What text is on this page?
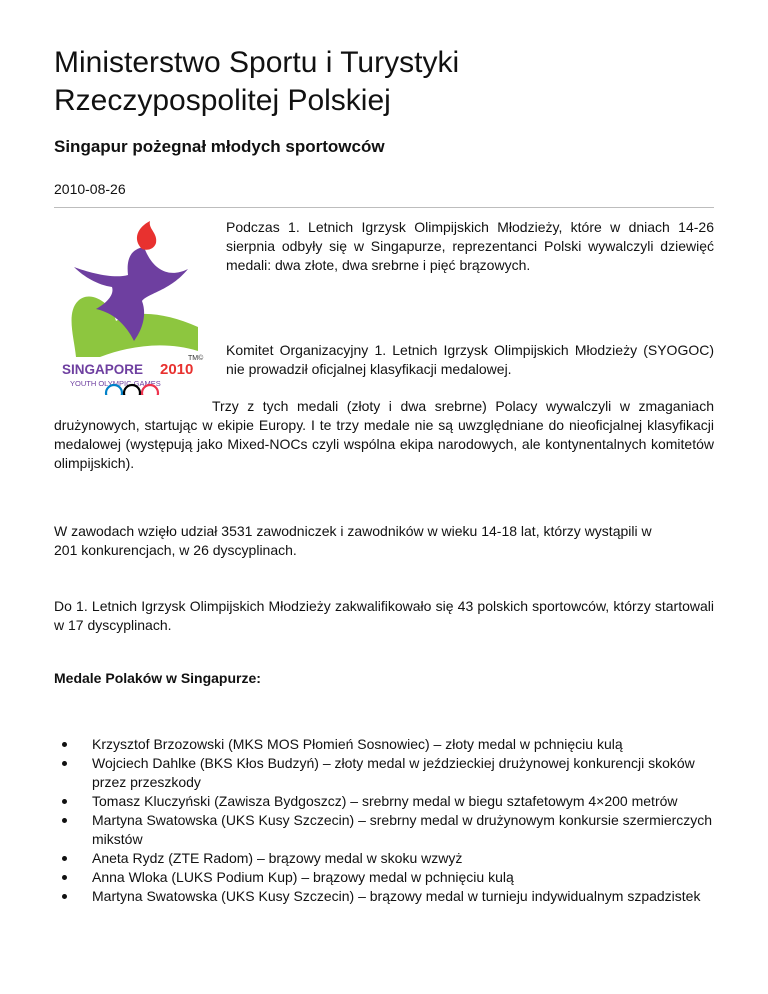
Ministerstwo Sportu i Turystyki
Rzeczypospolitej Polskiej
Singapur pożegnał młodych sportowców
2010-08-26
TM©
SINGAPORE 2010
YOUTH OLYMPIC GAMES

Podczas 1. Letnich Igrzysk Olimpijskich Młodzieży, które w dniach 14-26 sierpnia odbyły się w Singapurze, reprezentanci Polski wywalczyli dziewięć medali: dwa złote, dwa srebrne i pięć brązowych.

Komitet Organizacyjny 1. Letnich Igrzysk Olimpijskich Młodzieży (SYOGOC) nie prowadził oficjalnej klasyfikacji medalowej.

Trzy z tych medali (złoty i dwa srebrne) Polacy wywalczyli w zmaganiach drużynowych, startując w ekipie Europy. I te trzy medale nie są uwzględniane do nieoficjalnej klasyfikacji medalowej (występują jako Mixed-NOCs czyli wspólna ekipa narodowych, ale kontynentalnych komitetów olimpijskich).

W zawodach wzięło udział 3531 zawodniczek i zawodników w wieku 14-18 lat, którzy wystąpili w 201 konkurencjach, w 26 dyscyplinach.

Do 1. Letnich Igrzysk Olimpijskich Młodzieży zakwalifikowało się 43 polskich sportowców, którzy startowali w 17 dyscyplinach.

Medale Polaków w Singapurze:

Krzysztof Brzozowski (MKS MOS Płomień Sosnowiec) – złoty medal w pchnięciu kulą
Wojciech Dahlke (BKS Kłos Budzyń) – złoty medal w jeździeckiej drużynowej konkurencji skoków przez przeszkody
Tomasz Kluczyński (Zawisza Bydgoszcz) – srebrny medal w biegu sztafetowym 4×200 metrów
Martyna Swatowska (UKS Kusy Szczecin) – srebrny medal w drużynowym konkursie szermierczych mikstów
Aneta Rydz (ZTE Radom) – brązowy medal w skoku wzwyż
Anna Wloka (LUKS Podium Kup) – brązowy medal w pchnięciu kulą
Martyna Swatowska (UKS Kusy Szczecin) – brązowy medal w turnieju indywidualnym szpadzistek
